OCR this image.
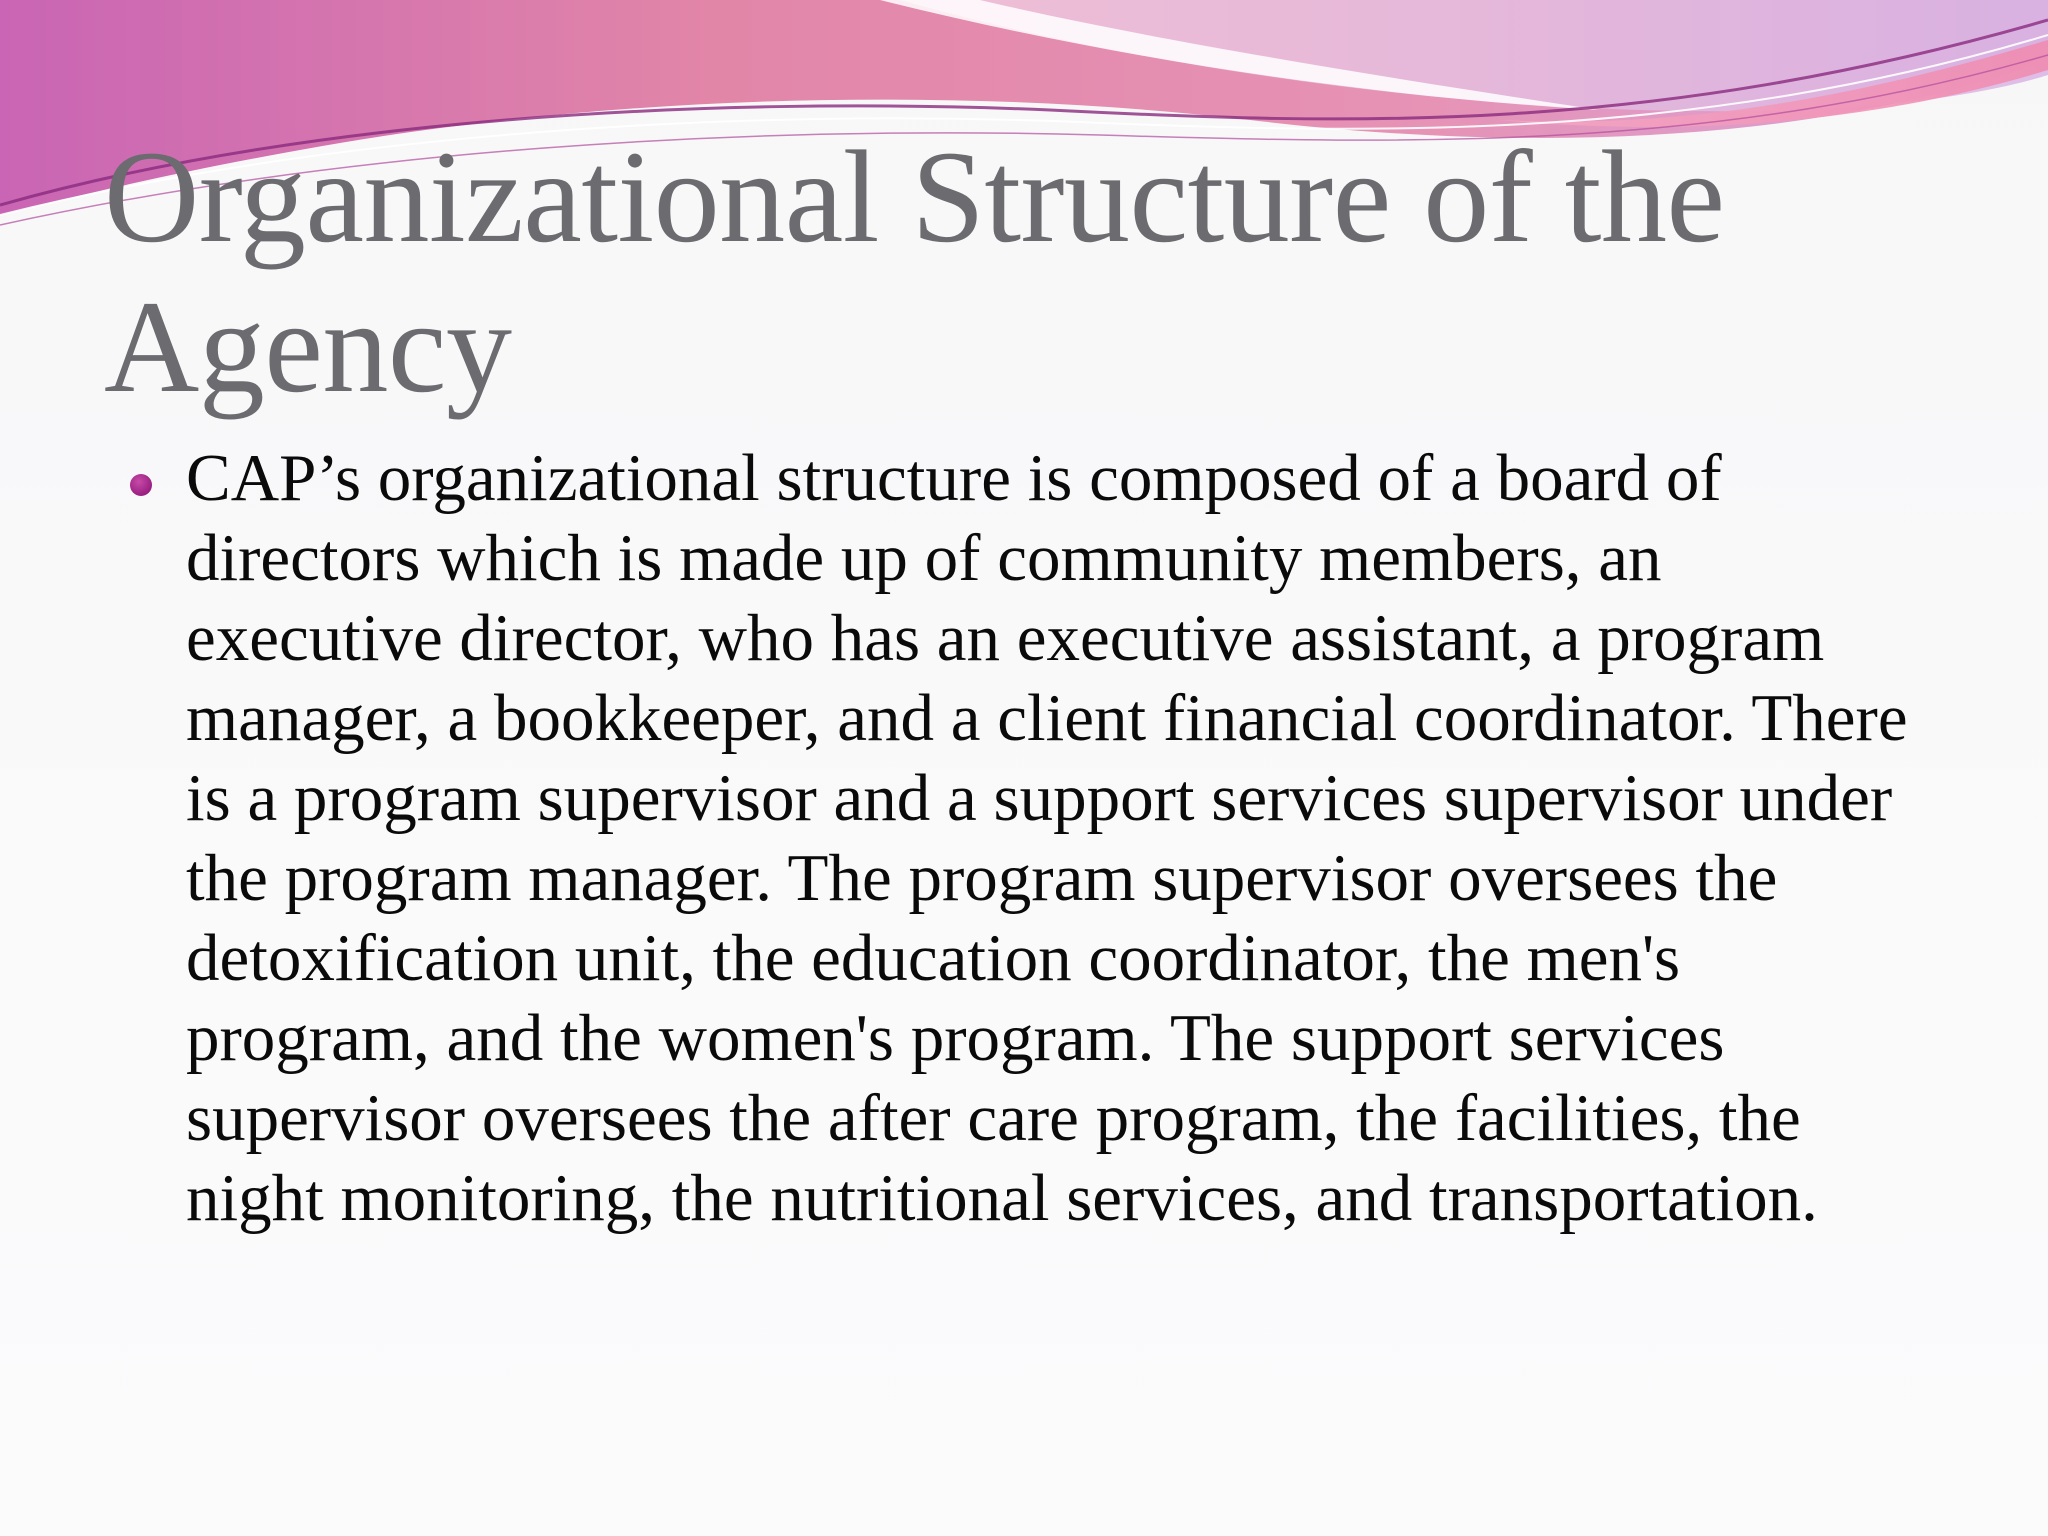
Organizational Structure of the Agency

CAP’s organizational structure is composed of a board of directors which is made up of community members, an executive director, who has an executive assistant, a program manager, a bookkeeper, and a client financial coordinator. There is a program supervisor and a support services supervisor under the program manager. The program supervisor oversees the detoxification unit, the education coordinator, the men's program, and the women's program. The support services supervisor oversees the after care program, the facilities, the night monitoring, the nutritional services, and transportation.
